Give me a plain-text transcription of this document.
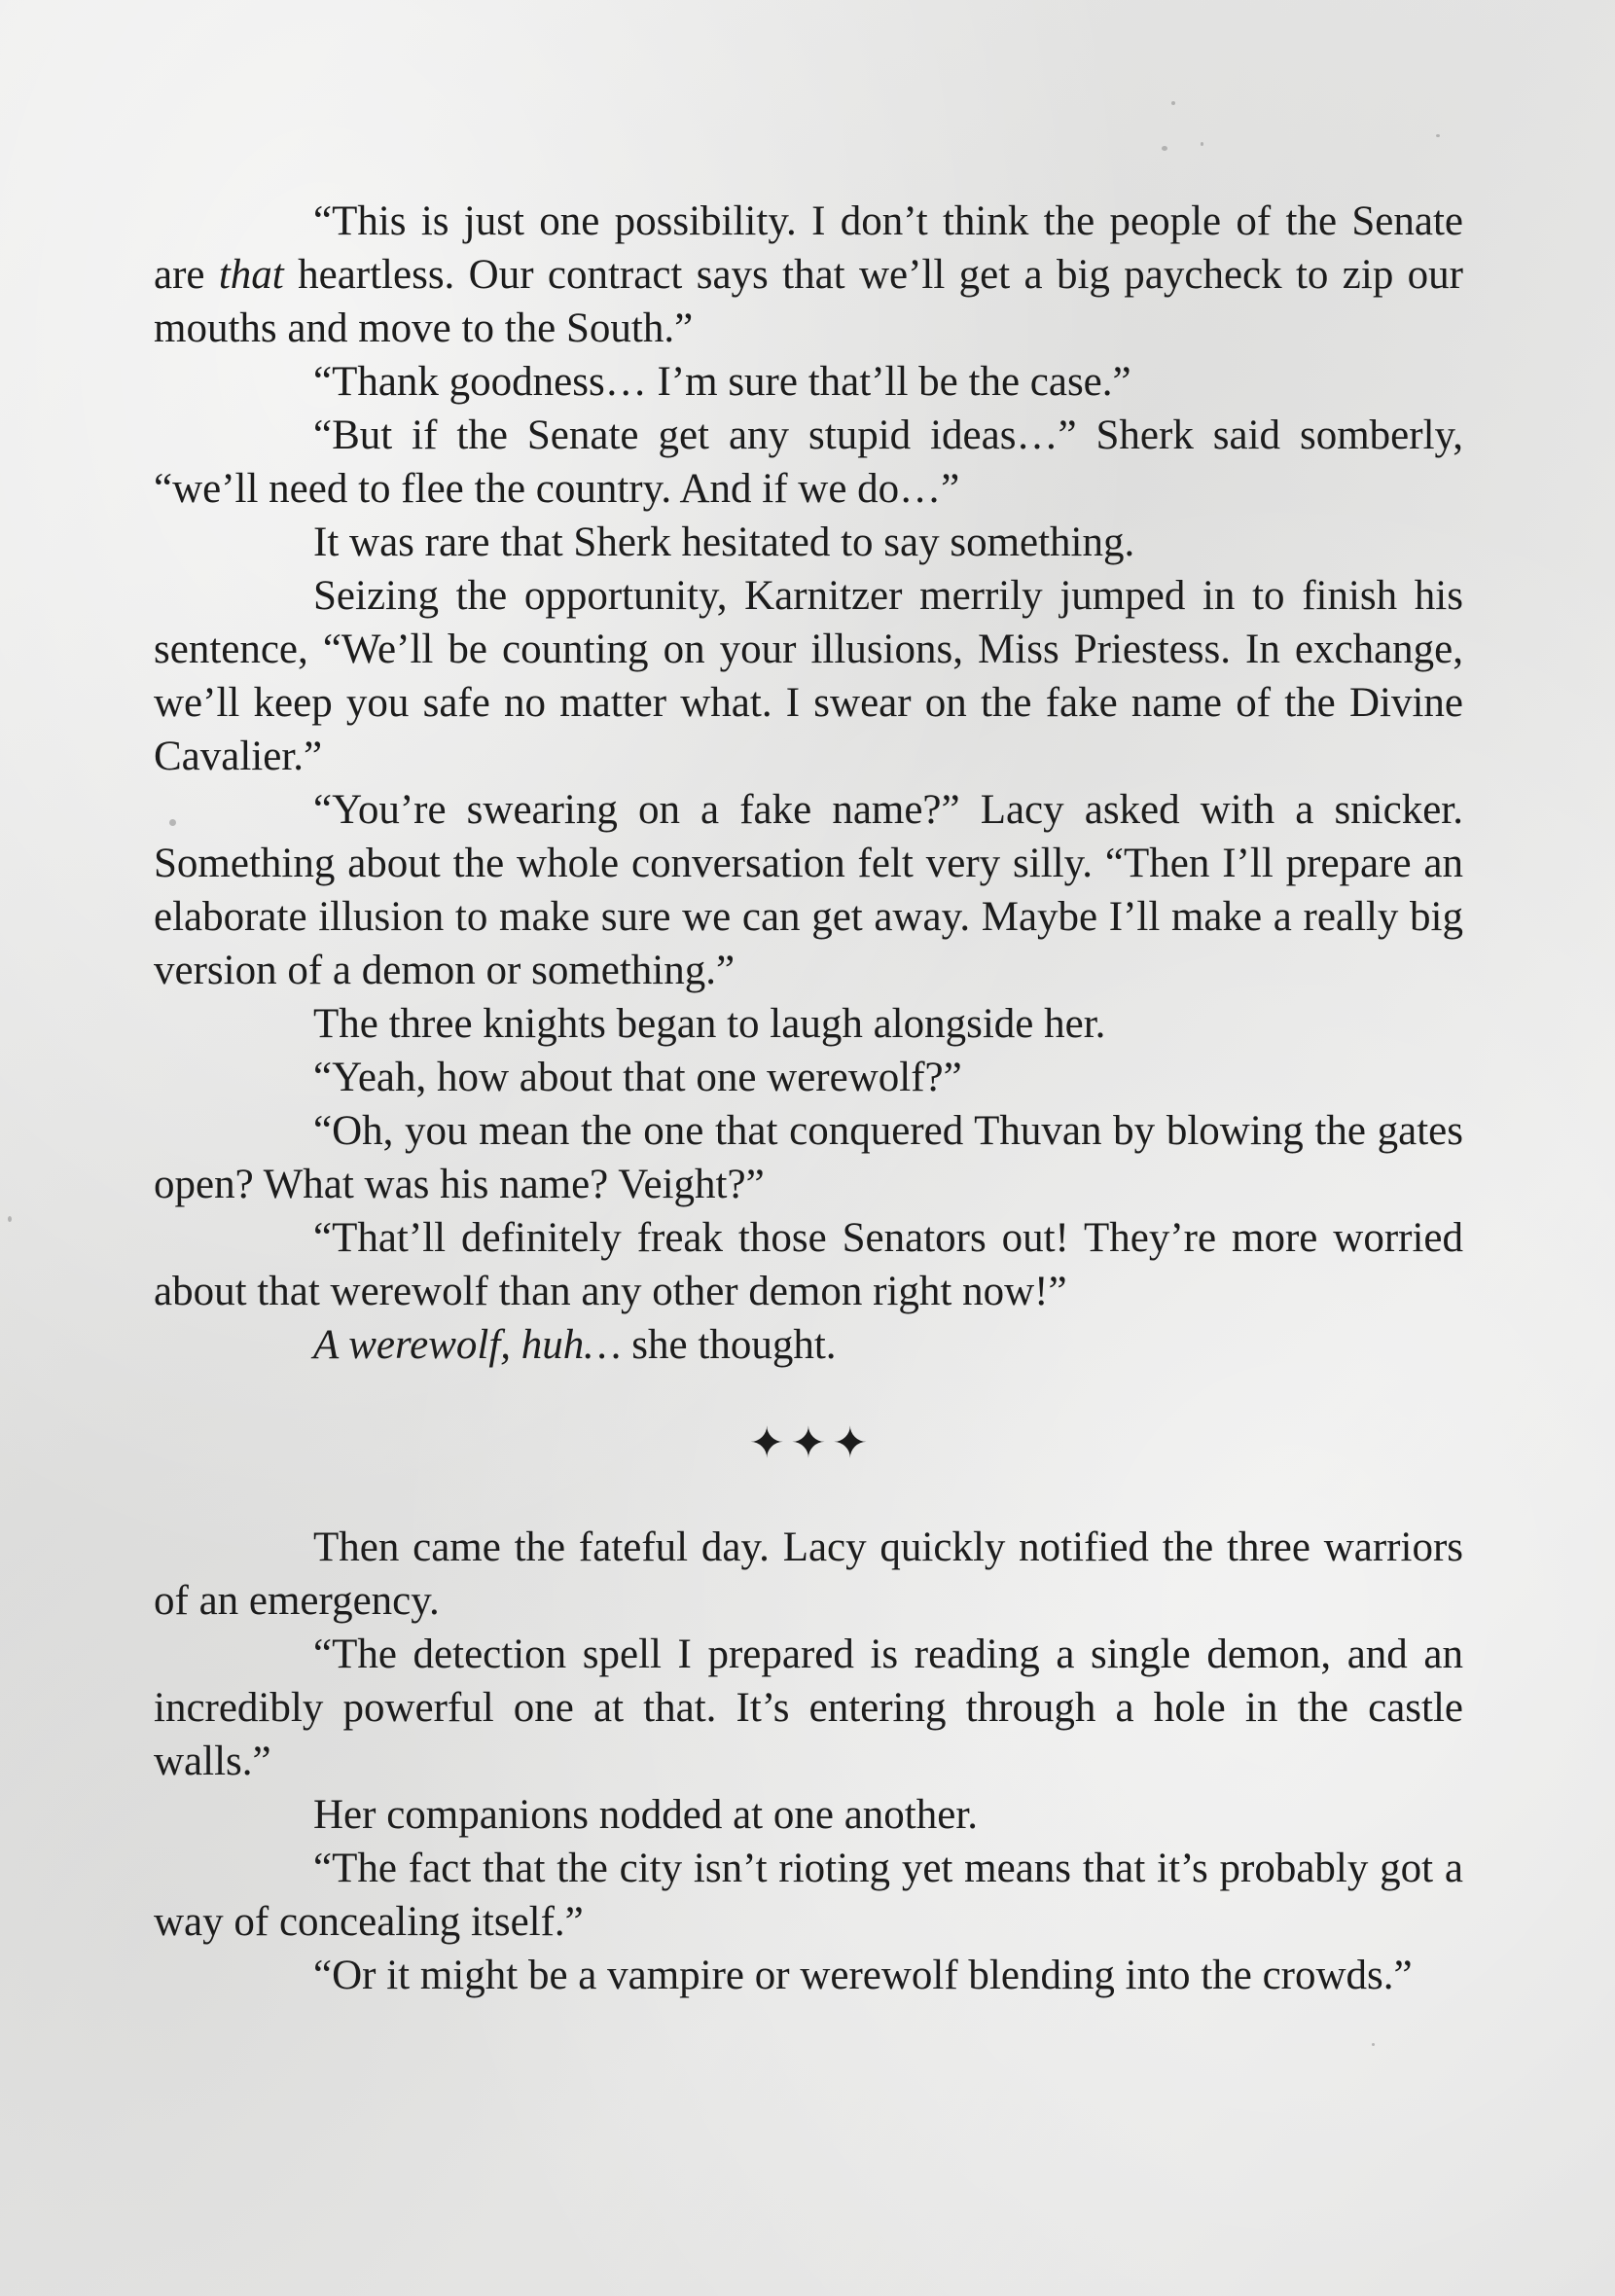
“This is just one possibility. I don’t think the people of the Senate are that heartless. Our contract says that we’ll get a big paycheck to zip our mouths and move to the South.”

“Thank goodness… I’m sure that’ll be the case.”

“But if the Senate get any stupid ideas…” Sherk said somberly, “we’ll need to flee the country. And if we do…”

It was rare that Sherk hesitated to say something.

Seizing the opportunity, Karnitzer merrily jumped in to finish his sentence, “We’ll be counting on your illusions, Miss Priestess. In exchange, we’ll keep you safe no matter what. I swear on the fake name of the Divine Cavalier.”

“You’re swearing on a fake name?” Lacy asked with a snicker. Something about the whole conversation felt very silly. “Then I’ll prepare an elaborate illusion to make sure we can get away. Maybe I’ll make a really big version of a demon or something.”

The three knights began to laugh alongside her.

“Yeah, how about that one werewolf?”

“Oh, you mean the one that conquered Thuvan by blowing the gates open? What was his name? Veight?”

“That’ll definitely freak those Senators out! They’re more worried about that werewolf than any other demon right now!”

A werewolf, huh… she thought.

✦✦✦

Then came the fateful day. Lacy quickly notified the three warriors of an emergency.

“The detection spell I prepared is reading a single demon, and an incredibly powerful one at that. It’s entering through a hole in the castle walls.”

Her companions nodded at one another.

“The fact that the city isn’t rioting yet means that it’s probably got a way of concealing itself.”

“Or it might be a vampire or werewolf blending into the crowds.”
